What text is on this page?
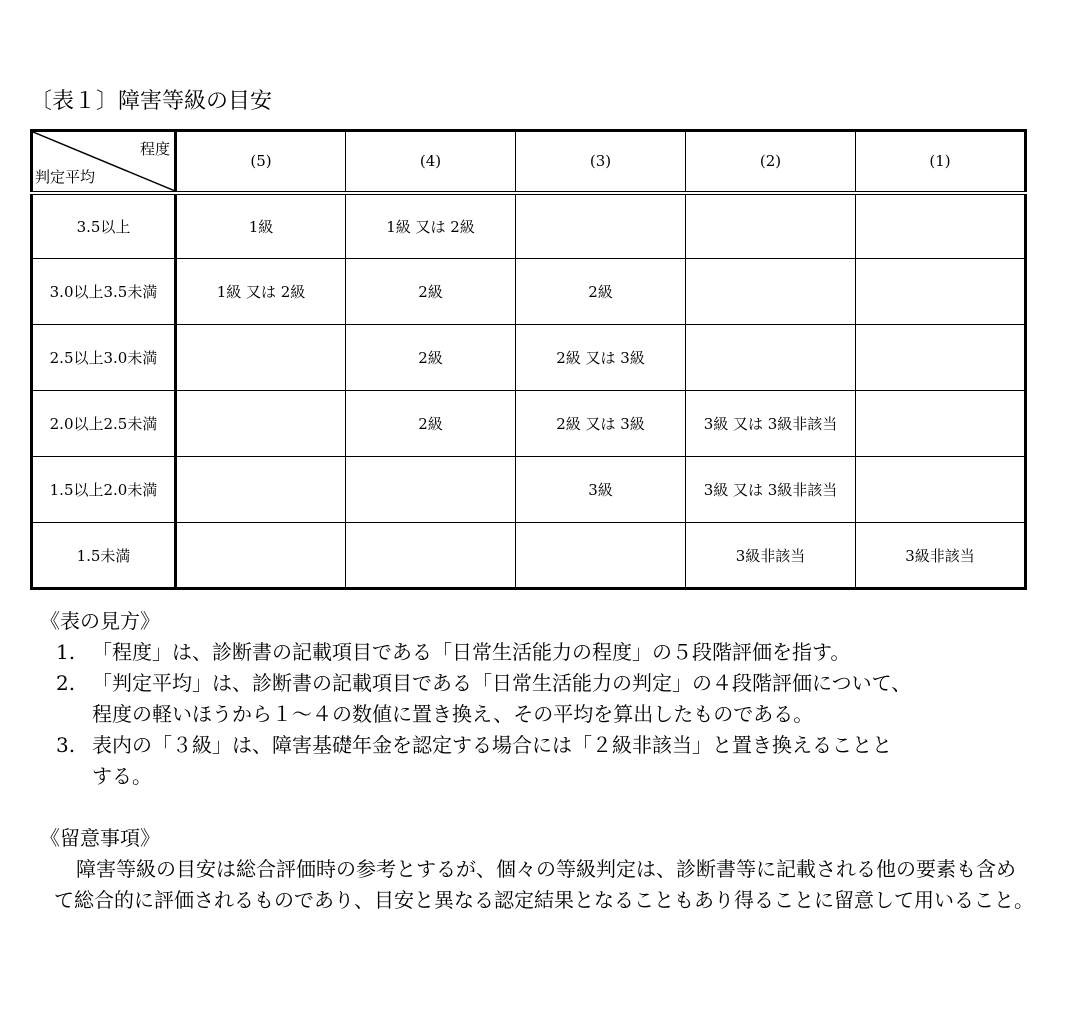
〔表１〕障害等級の目安
程度
判定平均	(5)	(4)	(3)	(2)	(1)
3.5以上	1級	1級 又は 2級			
3.0以上3.5未満	1級 又は 2級	2級	2級		
2.5以上3.0未満		2級	2級 又は 3級		
2.0以上2.5未満		2級	2級 又は 3級	3級 又は 3級非該当	
1.5以上2.0未満			3級	3級 又は 3級非該当	
1.5未満				3級非該当	3級非該当
《表の見方》
1. 「程度」は、診断書の記載項目である「日常生活能力の程度」の５段階評価を指す。
2. 「判定平均」は、診断書の記載項目である「日常生活能力の判定」の４段階評価について、
程度の軽いほうから１～４の数値に置き換え、その平均を算出したものである。
3. 表内の「３級」は、障害基礎年金を認定する場合には「２級非該当」と置き換えることと
する。
《留意事項》
障害等級の目安は総合評価時の参考とするが、個々の等級判定は、診断書等に記載される他の要素も含めて総合的に評価されるものであり、目安と異なる認定結果となることもあり得ることに留意して用いること。
